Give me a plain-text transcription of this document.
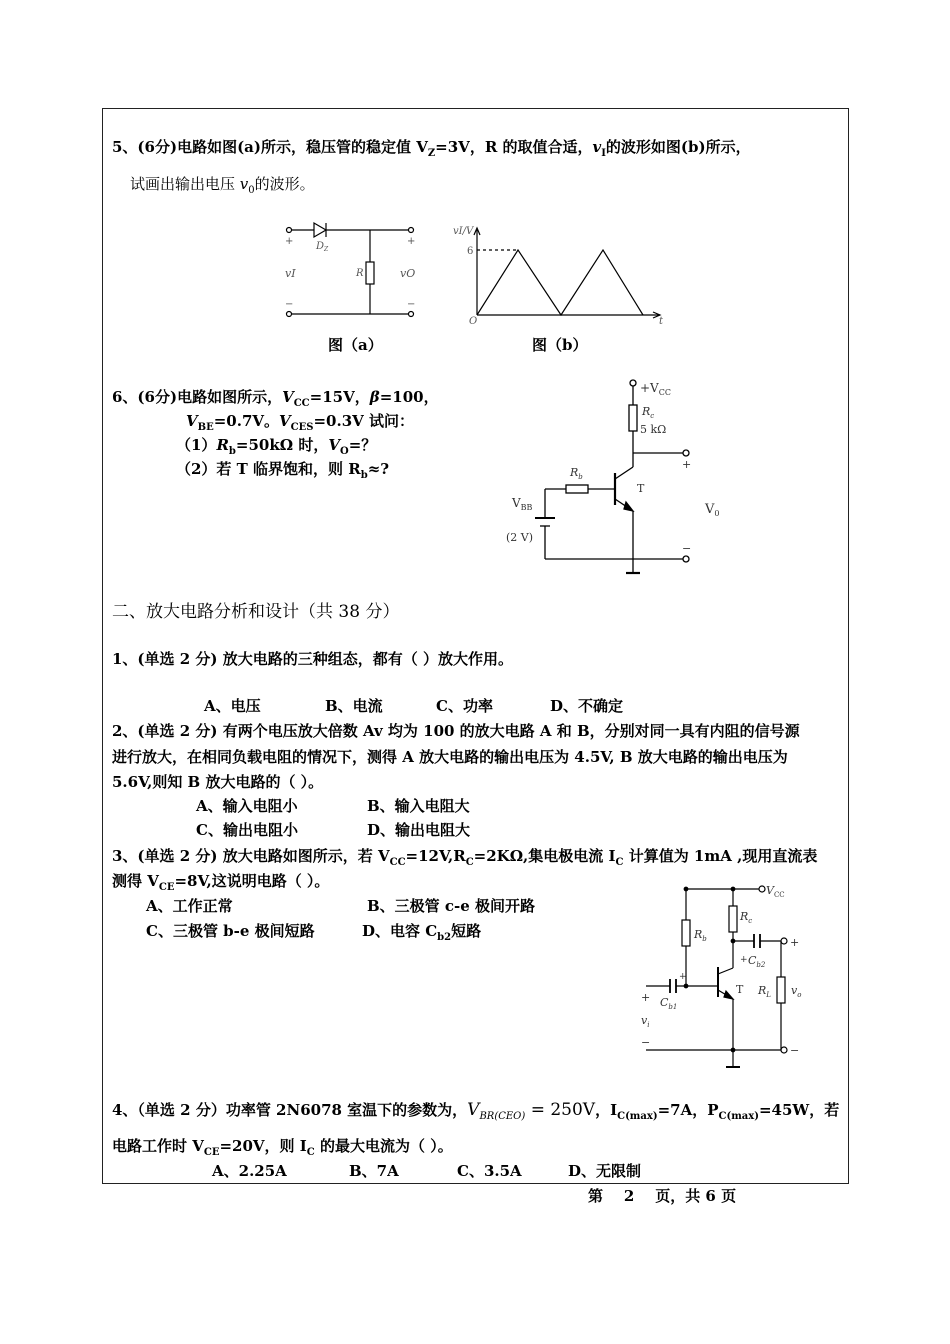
5、(6分)电路如图(a)所示，稳压管的稳定值 $V_Z=3V$，R 的取值合适，$v_I$的波形如图(b)所示，
试画出输出电压 $v_0$的波形。
+	+
−	−
$D_Z$
vI	R	vO
图（a）
vI/V
6
O	t
图（b）
6、(6分)电路如图所示，$V_{CC}=15V$，β=100，
$V_{BE}=0.7V$。$V_{CES}=0.3V$ 试问：
$(1)R_b=50k\Omega$ 时，$V_O=$？
（2）若 T 临界饱和，则 $R_b\approx$?
$+V_{CC}$
$R_c$
5 kΩ
$R_b$
T
$V_{BB}$
(2 V)
+
−
$V_0$
二、放大电路分析和设计（共 38 分）
1、(单选 2 分) 放大电路的三种组态，都有（ ）放大作用。
A、电压	B、电流	C、功率	D、不确定
2、(单选 2 分) 有两个电压放大倍数 Av 均为 100 的放大电路 A 和 B，分别对同一具有内阻的信号源
进行放大，在相同负载电阻的情况下，测得 A 放大电路的输出电压为 4.5V, B 放大电路的输出电压为
5.6V,则知 B 放大电路的（ ）。
A、输入电阻小	B、输入电阻大
C、输出电阻小	D、输出电阻大
3、(单选 2 分) 放大电路如图所示，若 $V_{CC}=12V,R_C=2K\Omega$,集电极电流 $I_C$ 计算值为 1mA ,现用直流表
测得 $V_{CE}=8V$,这说明电路（ ）。
A、工作正常	B、三极管 c-e 极间开路
C、三极管 b-e 极间短路	D、电容 $C_{b2}$短路
$V_{CC}$
$R_b$
$R_c$
+ $C_{b2}$
+
T $R_L$ $v_o$
+
+ $C_{b1}$
$v_i$
−
−
4、（单选 2 分）功率管 2N6078 室温下的参数为，$V_{BR(CEO)} = 250V$，$I_{C(max)}=7A$，$P_{C(max)}=45W$，若
电路工作时 $V_{CE}=20V$，则 $I_C$ 的最大电流为（ ）。
A、2.25A	B、7A	C、3.5A	D、无限制
第    2    页，共 6 页
